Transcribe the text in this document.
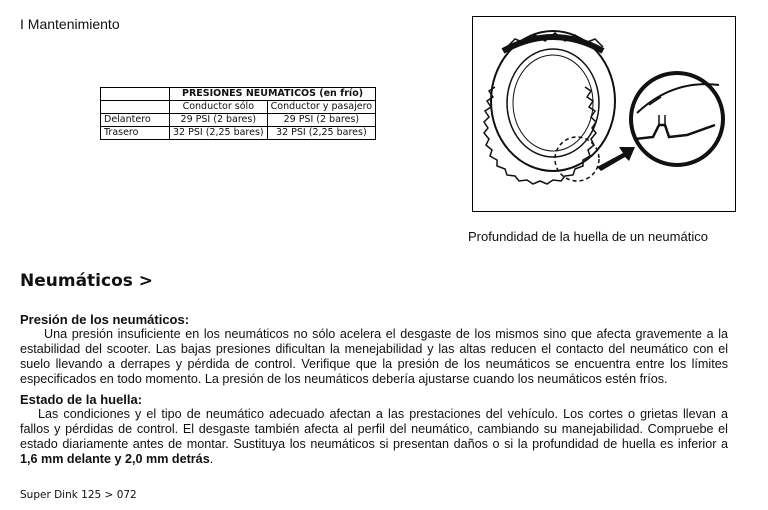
I Mantenimiento
	PRESIONES NEUMÁTICOS (en frío)	
	Conductor sólo	Conductor y pasajero
Delantero	29 PSI (2 bares)	29 PSI (2 bares)
Trasero	32 PSI (2,25 bares)	32 PSI (2,25 bares)
Profundidad de la huella de un neumático
Neumáticos >
Presión de los neumáticos:

Una presión insuficiente en los neumáticos no sólo acelera el desgaste de los mismos sino que afecta gravemente a la estabilidad del scooter. Las bajas presiones dificultan la menejabilidad y las altas reducen el contacto del neumático con el suelo llevando a derrapes y pérdida de control. Verifique que la presión de los neumáticos se encuentra entre los límites especificados en todo momento. La presión de los neumáticos debería ajustarse cuando los neumáticos estén fríos.

Estado de la huella:

Las condiciones y el tipo de neumático adecuado afectan a las prestaciones del vehículo. Los cortes o grietas llevan a fallos y pérdidas de control. El desgaste también afecta al perfil del neumático, cambiando su manejabilidad. Compruebe el estado diariamente antes de montar. Sustituya los neumáticos si presentan daños o si la profundidad de huella es inferior a 1,6 mm delante y 2,0 mm detrás.

Super Dink 125 > 072
